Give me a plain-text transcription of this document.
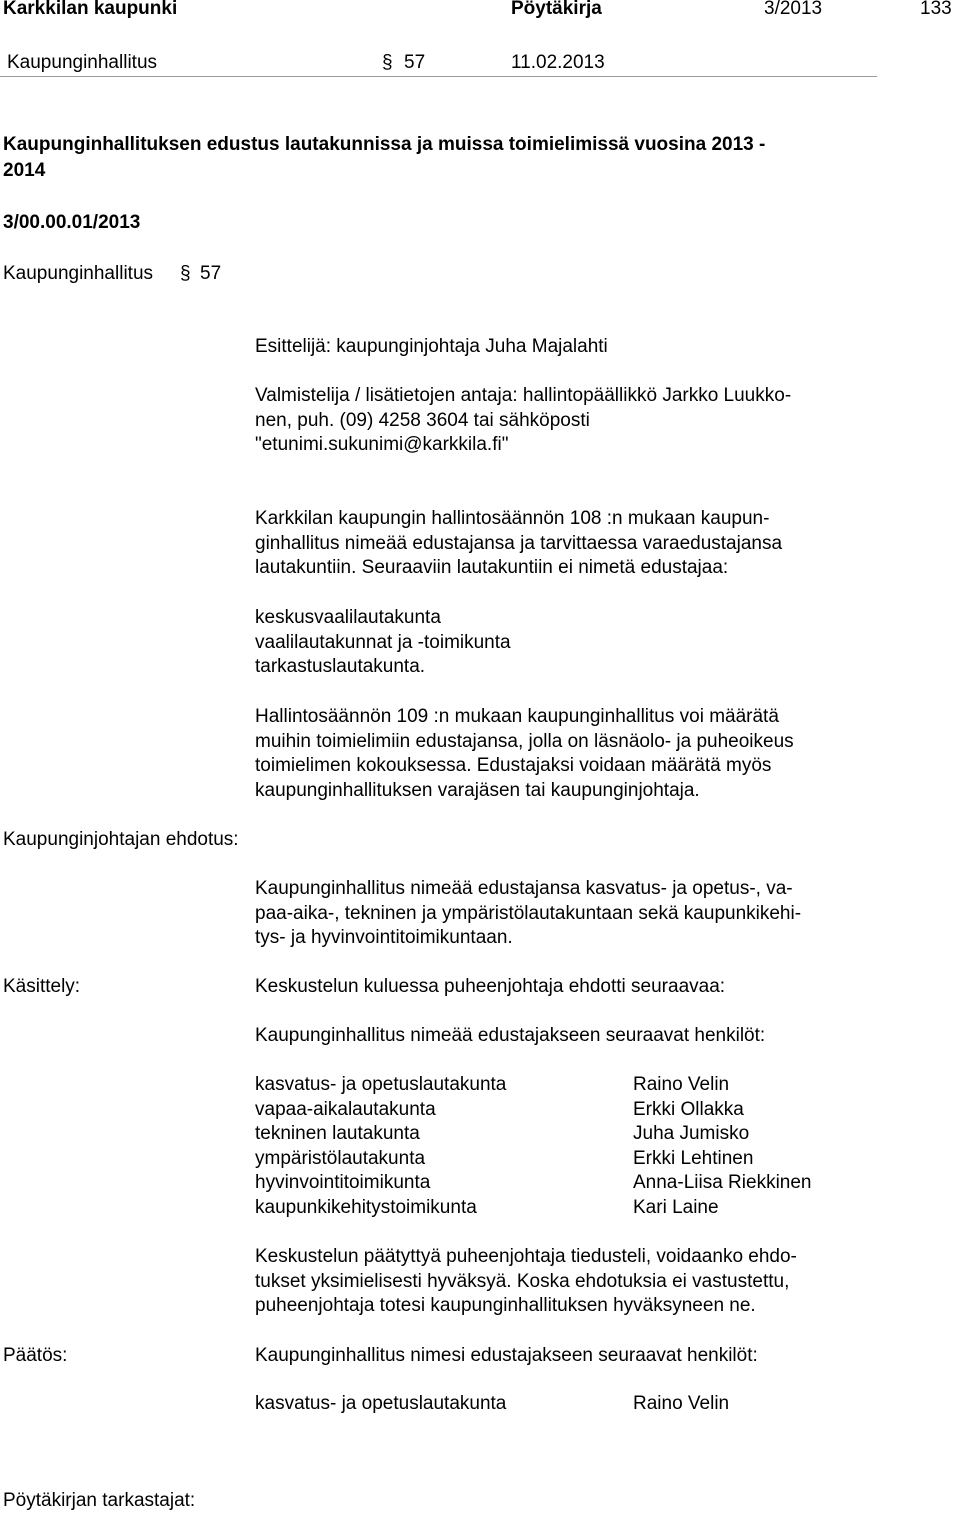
Karkkilan kaupunki	Pöytäkirja	3/2013	133
Kaupunginhallitus	§ 57	11.02.2013
Kaupunginhallituksen edustus lautakunnissa ja muissa toimielimissä vuosina 2013 -
2014
3/00.00.01/2013
Kaupunginhallitus § 57

Esittelijä: kaupunginjohtaja Juha Majalahti

Valmistelija / lisätietojen antaja: hallintopäällikkö Jarkko Luukko-

nen, puh. (09) 4258 3604 tai sähköposti

"etunimi.sukunimi@karkkila.fi"

Karkkilan kaupungin hallintosäännön 108 :n mukaan kaupun-

ginhallitus nimeää edustajansa ja tarvittaessa varaedustajansa

lautakuntiin. Seuraaviin lautakuntiin ei nimetä edustajaa:

keskusvaalilautakunta

vaalilautakunnat ja -toimikunta

tarkastuslautakunta.

Hallintosäännön 109 :n mukaan kaupunginhallitus voi määrätä

muihin toimielimiin edustajansa, jolla on läsnäolo- ja puheoikeus

toimielimen kokouksessa. Edustajaksi voidaan määrätä myös

kaupunginhallituksen varajäsen tai kaupunginjohtaja.

Kaupunginjohtajan ehdotus:

Kaupunginhallitus nimeää edustajansa kasvatus- ja opetus-, va-

paa-aika-, tekninen ja ympäristölautakuntaan sekä kaupunkikehi-

tys- ja hyvinvointitoimikuntaan.

Käsittely:	Keskustelun kuluessa puheenjohtaja ehdotti seuraavaa:

Kaupunginhallitus nimeää edustajakseen seuraavat henkilöt:

kasvatus- ja opetuslautakunta	Raino Velin
vapaa-aikalautakunta	Erkki Ollakka
tekninen lautakunta	Juha Jumisko
ympäristölautakunta	Erkki Lehtinen
hyvinvointitoimikunta	Anna-Liisa Riekkinen
kaupunkikehitystoimikunta	Kari Laine

Keskustelun päätyttyä puheenjohtaja tiedusteli, voidaanko ehdo-

tukset yksimielisesti hyväksyä. Koska ehdotuksia ei vastustettu,

puheenjohtaja totesi kaupunginhallituksen hyväksyneen ne.

Päätös:	Kaupunginhallitus nimesi edustajakseen seuraavat henkilöt:

kasvatus- ja opetuslautakunta	Raino Velin
Pöytäkirjan tarkastajat:
